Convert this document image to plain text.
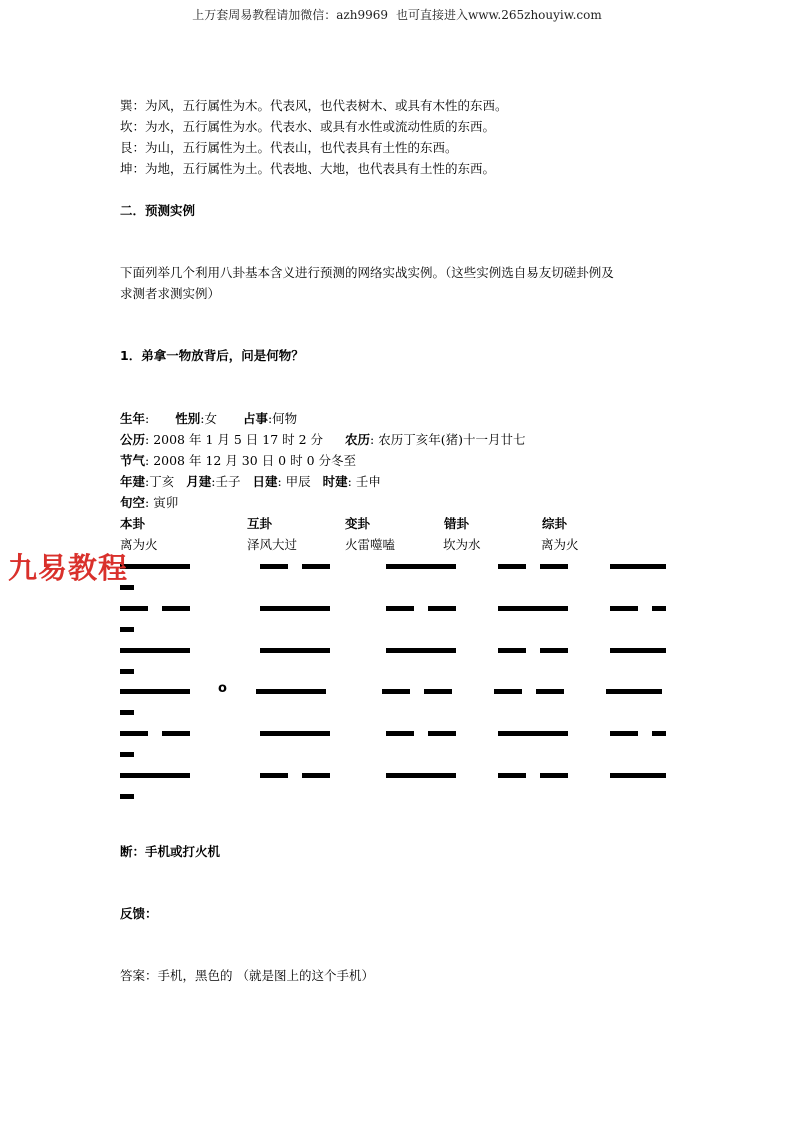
上万套周易教程请加微信：azh9969 也可直接进入www.265zhouyiw.com
巽：为风，五行属性为木。代表风，也代表树木、或具有木性的东西。
坎：为水，五行属性为水。代表水、或具有水性或流动性质的东西。
艮：为山，五行属性为土。代表山，也代表具有土性的东西。
坤：为地，五行属性为土。代表地、大地，也代表具有土性的东西。
二．预测实例
下面列举几个利用八卦基本含义进行预测的网络实战实例。（这些实例选自易友切磋卦例及
求测者求测实例）
1．弟拿一物放背后，问是何物？
生年: 性别:女 占事:何物
公历: 2008 年 1 月 5 日 17 时 2 分 农历: 农历丁亥年(猪)十一月廿七
节气: 2008 年 12 月 30 日 0 时 0 分冬至
年建:丁亥 月建:壬子 日建: 甲辰 时建: 壬申
旬空: 寅卯
本卦	互卦	变卦	错卦	综卦
离为火	泽风大过	火雷噬嗑	坎为水	离为火
o
九易教程
断：手机或打火机
反馈：
答案：手机，黑色的 （就是图上的这个手机）
